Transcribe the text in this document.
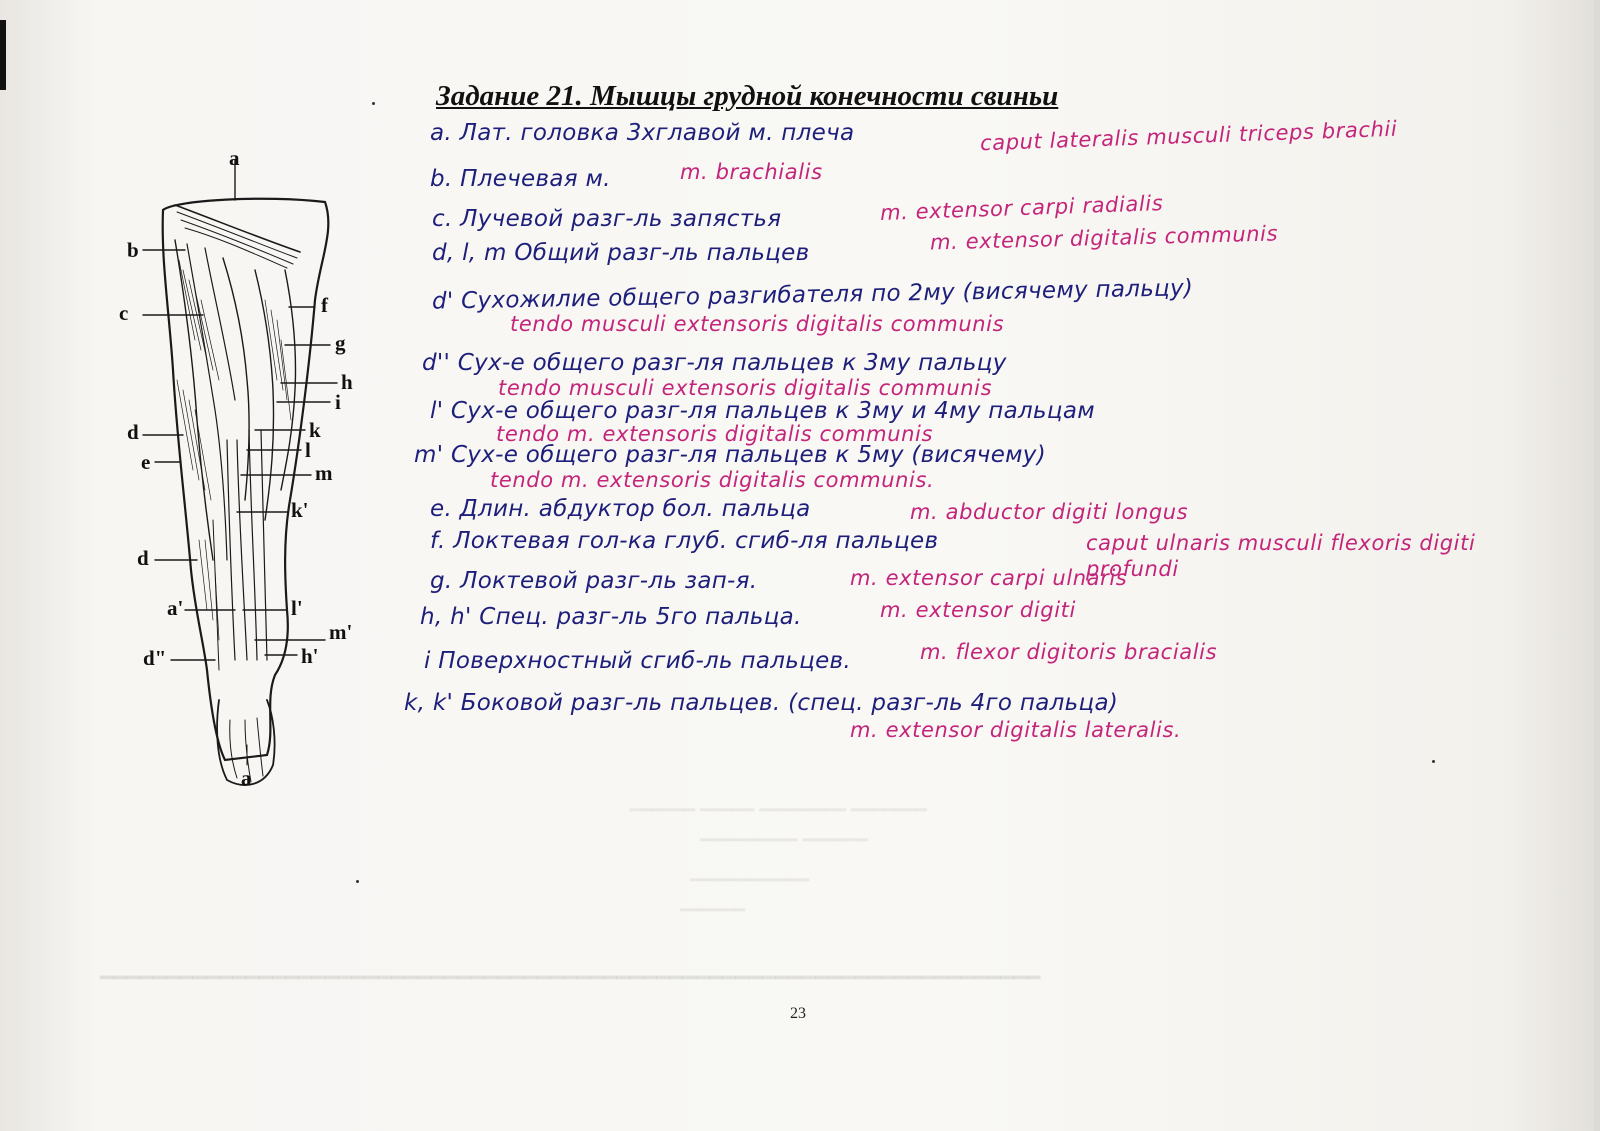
━━━━━━ ━━━━━ ━━━━━━━━ ━━━━━━━
━━━━━━━━━ ━━━━━━
━━━━━━━━━━━
━━━━━━
━━━━━━━━━━━━━━━━━━━━━━━━━━━━━━━━━━━━━━━━━━━━━━━━━━━━━━━━━━━━━━━━━━━━━━━
Задание 21. Мышцы грудной конечности свиньи
a
b
c
d
e
d
a'
d"
f
g
h
i
k
l
m
k'
l'
m'
h'
a
a. Лат. головка 3хглавой м. плеча	caput lateralis musculi triceps brachii
b. Плечевая м.	m. brachialis
c. Лучевой разг-ль запястья	m. extensor carpi radialis
d, l, m Общий разг-ль пальцев	m. extensor digitalis communis
d' Сухожилие общего разгибателя по 2му (висячему пальцу)
tendo musculi extensoris digitalis communis
d'' Сух-е общего разг-ля пальцев к 3му пальцу
tendo musculi extensoris digitalis communis
l' Сух-е общего разг-ля пальцев к 3му и 4му пальцам
tendo m. extensoris digitalis communis
m' Сух-е общего разг-ля пальцев к 5му (висячему)
tendo m. extensoris digitalis communis.
e. Длин. абдуктор бол. пальца	m. abductor digiti longus
f. Локтевая гол-ка глуб. сгиб-ля пальцев	caput ulnaris musculi flexoris digiti profundi
g. Локтевой разг-ль зап-я.	m. extensor carpi ulnaris
h, h' Спец. разг-ль 5го пальца.	m. extensor digiti
i Поверхностный сгиб-ль пальцев.	m. flexor digitoris bracialis
k, k' Боковой разг-ль пальцев. (спец. разг-ль 4го пальца)
m. extensor digitalis lateralis.
23
